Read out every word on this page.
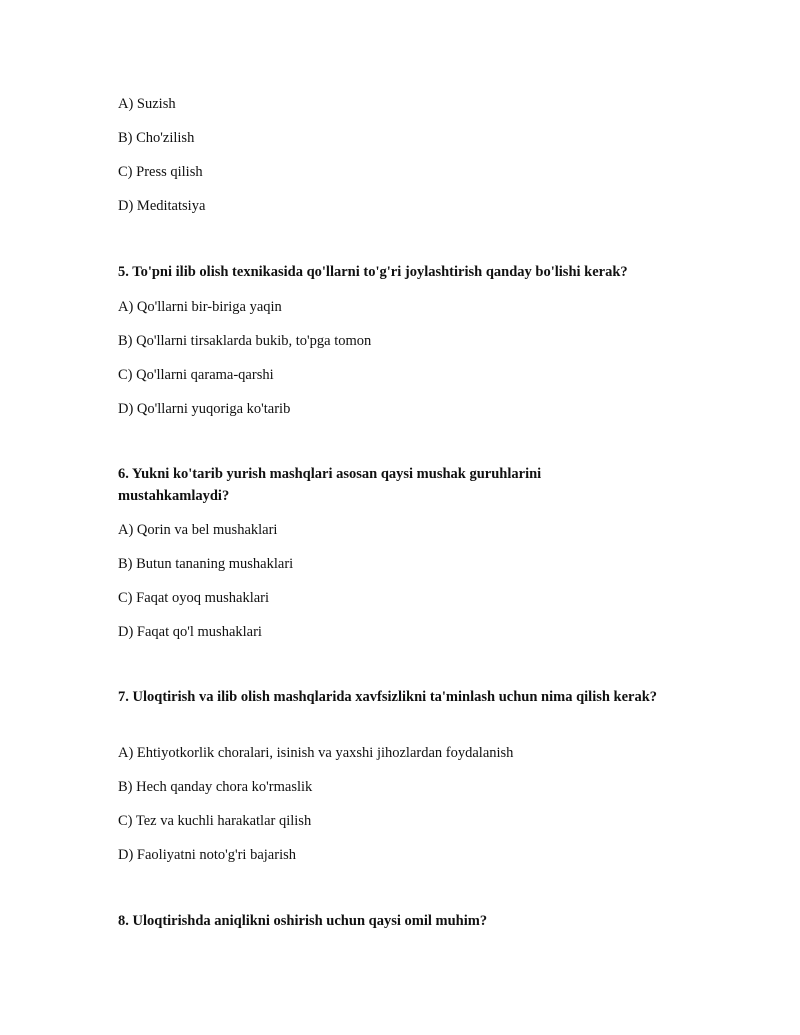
A) Suzish
B) Cho'zilish
C) Press qilish
D) Meditatsiya
5. To'pni ilib olish texnikasida qo'llarni to'g'ri joylashtirish qanday bo'lishi kerak?
A) Qo'llarni bir-biriga yaqin
B) Qo'llarni tirsaklarda bukib, to'pga tomon
C) Qo'llarni qarama-qarshi
D) Qo'llarni yuqoriga ko'tarib
6. Yukni ko'tarib yurish mashqlari asosan qaysi mushak guruhlarini mustahkamlaydi?
A) Qorin va bel mushaklari
B) Butun tananing mushaklari
C) Faqat oyoq mushaklari
D) Faqat qo'l mushaklari
7. Uloqtirish va ilib olish mashqlarida xavfsizlikni ta'minlash uchun nima qilish kerak?
A) Ehtiyotkorlik choralari, isinish va yaxshi jihozlardan foydalanish
B) Hech qanday chora ko'rmaslik
C) Tez va kuchli harakatlar qilish
D) Faoliyatni noto'g'ri bajarish
8. Uloqtirishda aniqlikni oshirish uchun qaysi omil muhim?
